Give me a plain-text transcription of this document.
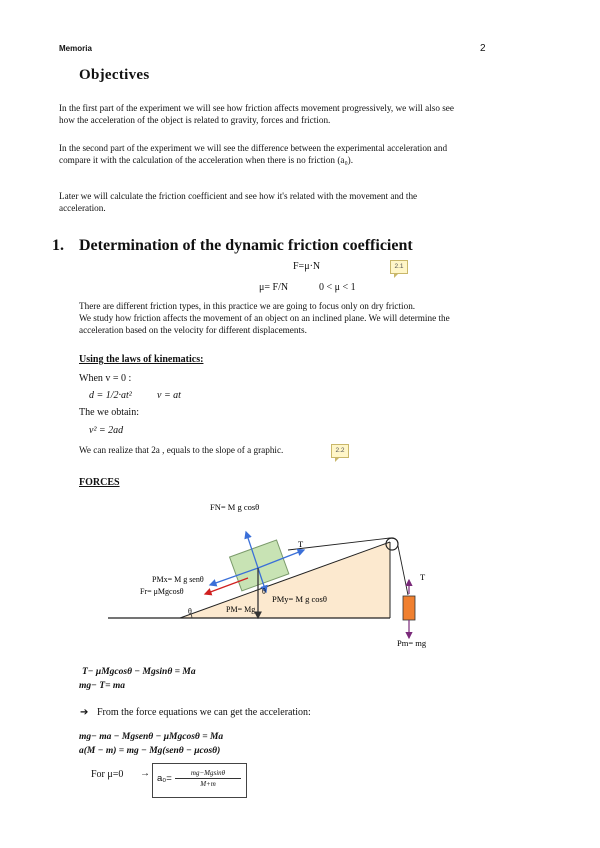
Memoria	2
Objectives
In the first part of the experiment we will see how friction affects movement progressively, we will also see
how the acceleration of the object is related to gravity, forces and friction.
In the second part of the experiment we will see the difference between the experimental acceleration and
compare it with the calculation of the acceleration when there is no friction (a₀).
Later we will calculate the friction coefficient and see how it's related with the movement and the
acceleration.
1. Determination of the dynamic friction coefficient
F=μ·N	2.1
μ= F/N	0 < μ < 1
There are different friction types, in this practice we are going to focus only on dry friction.
We study how friction affects the movement of an object on an inclined plane. We will determine the
acceleration based on the velocity for different displacements.
Using the laws of kinematics:
When v = 0 :
d = 1/2·at²	v = at
The we obtain:
v² = 2ad
We can realize that 2a , equals to the slope of a graphic.	2.2
FORCES
FN= M g cosθ
T
PMx= M g senθ
Fr= μMgcosθ
θ
θ
PM= Mg
PMy= M g cosθ
T
Pm= mg
T− μMgcosθ − Mgsinθ = Ma
mg− T= ma
➔ From the force equations we can get the acceleration:
mg− ma − Mgsenθ − μMgcosθ = Ma
a(M − m) = mg − Mg(senθ − μcosθ)
For μ=0 → a₀=	mg−Mgsinθ
M+m
